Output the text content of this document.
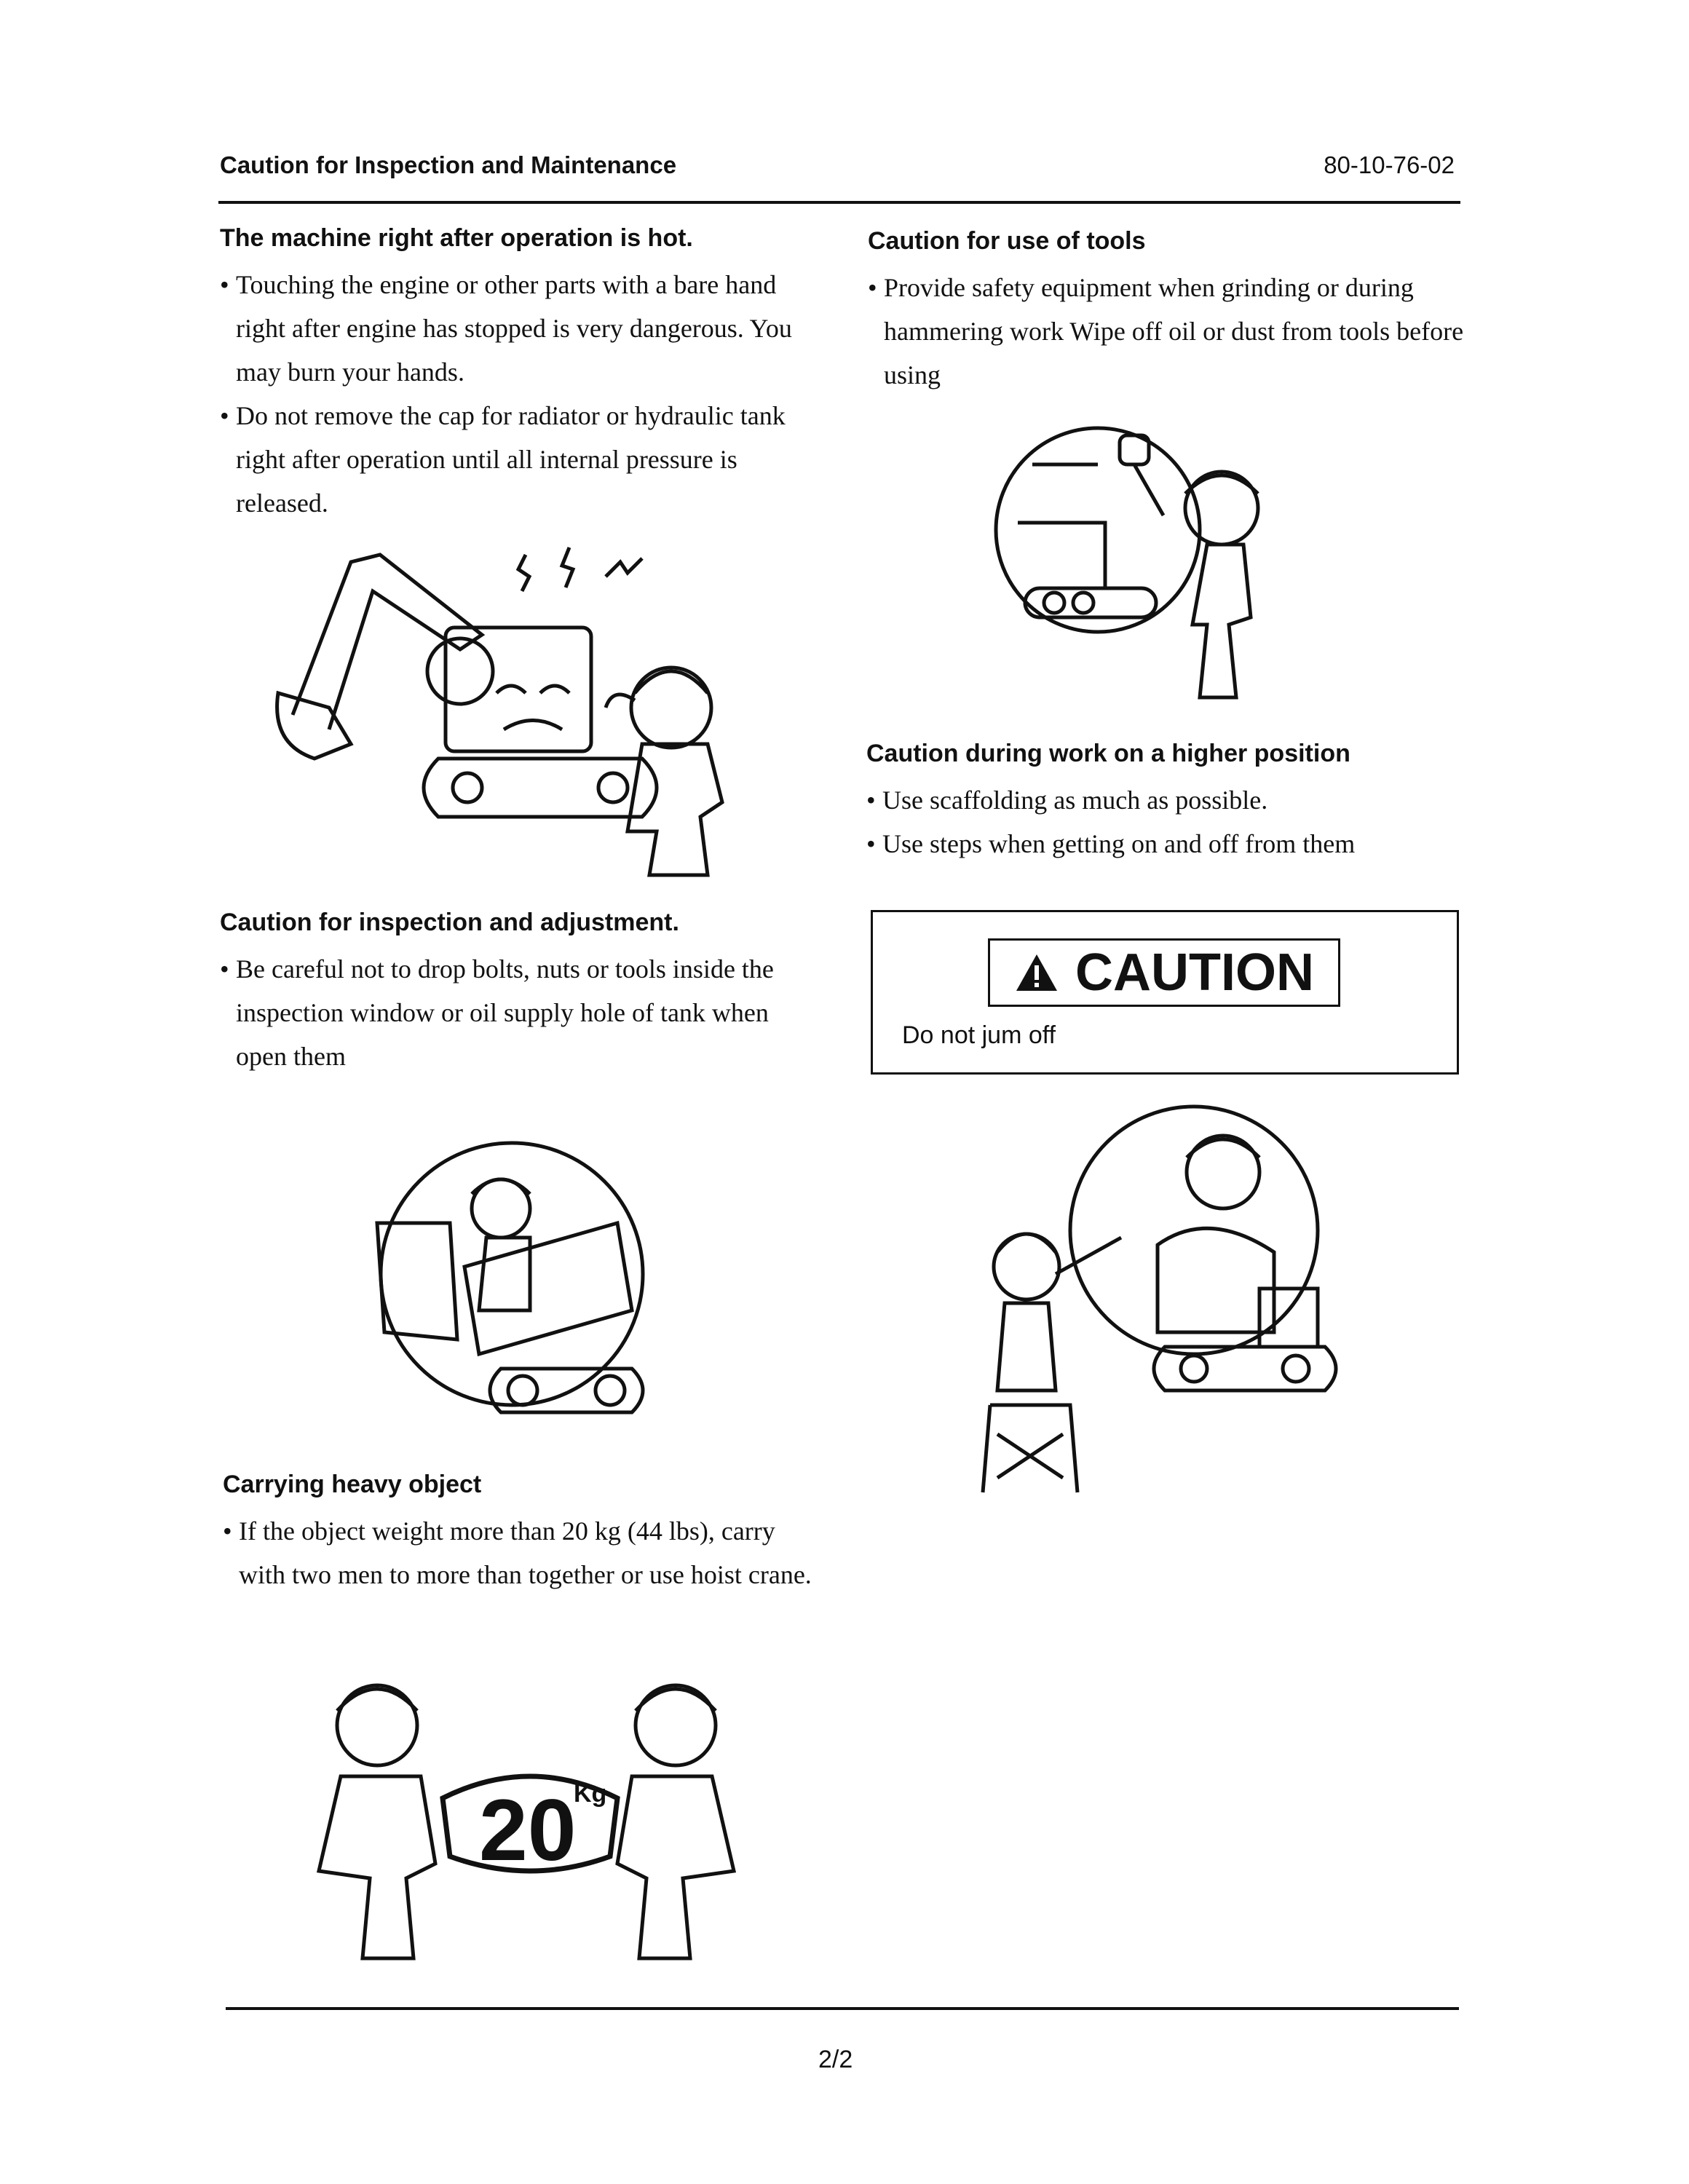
Caution for Inspection and Maintenance	80-10-76-02
The machine right after operation is hot.

• Touching the engine or other parts with a bare hand right after engine has stopped is very dangerous. You may burn your hands.

• Do not remove the cap for radiator or hydraulic tank right after operation until all internal pressure is released.

Caution for use of tools

• Provide safety equipment when grinding or during hammering work Wipe off oil or dust from tools before using

Caution during work on a higher position

• Use scaffolding as much as possible.

• Use steps when getting on and off from them

CAUTION
Do not jum off
Caution for inspection and adjustment.

• Be careful not to drop bolts, nuts or tools inside the inspection window or oil supply hole of tank when open them

Carrying heavy object

• If the object weight more than 20 kg (44 lbs), carry with two men to more than together or use hoist crane.

20
Kg
2/2
